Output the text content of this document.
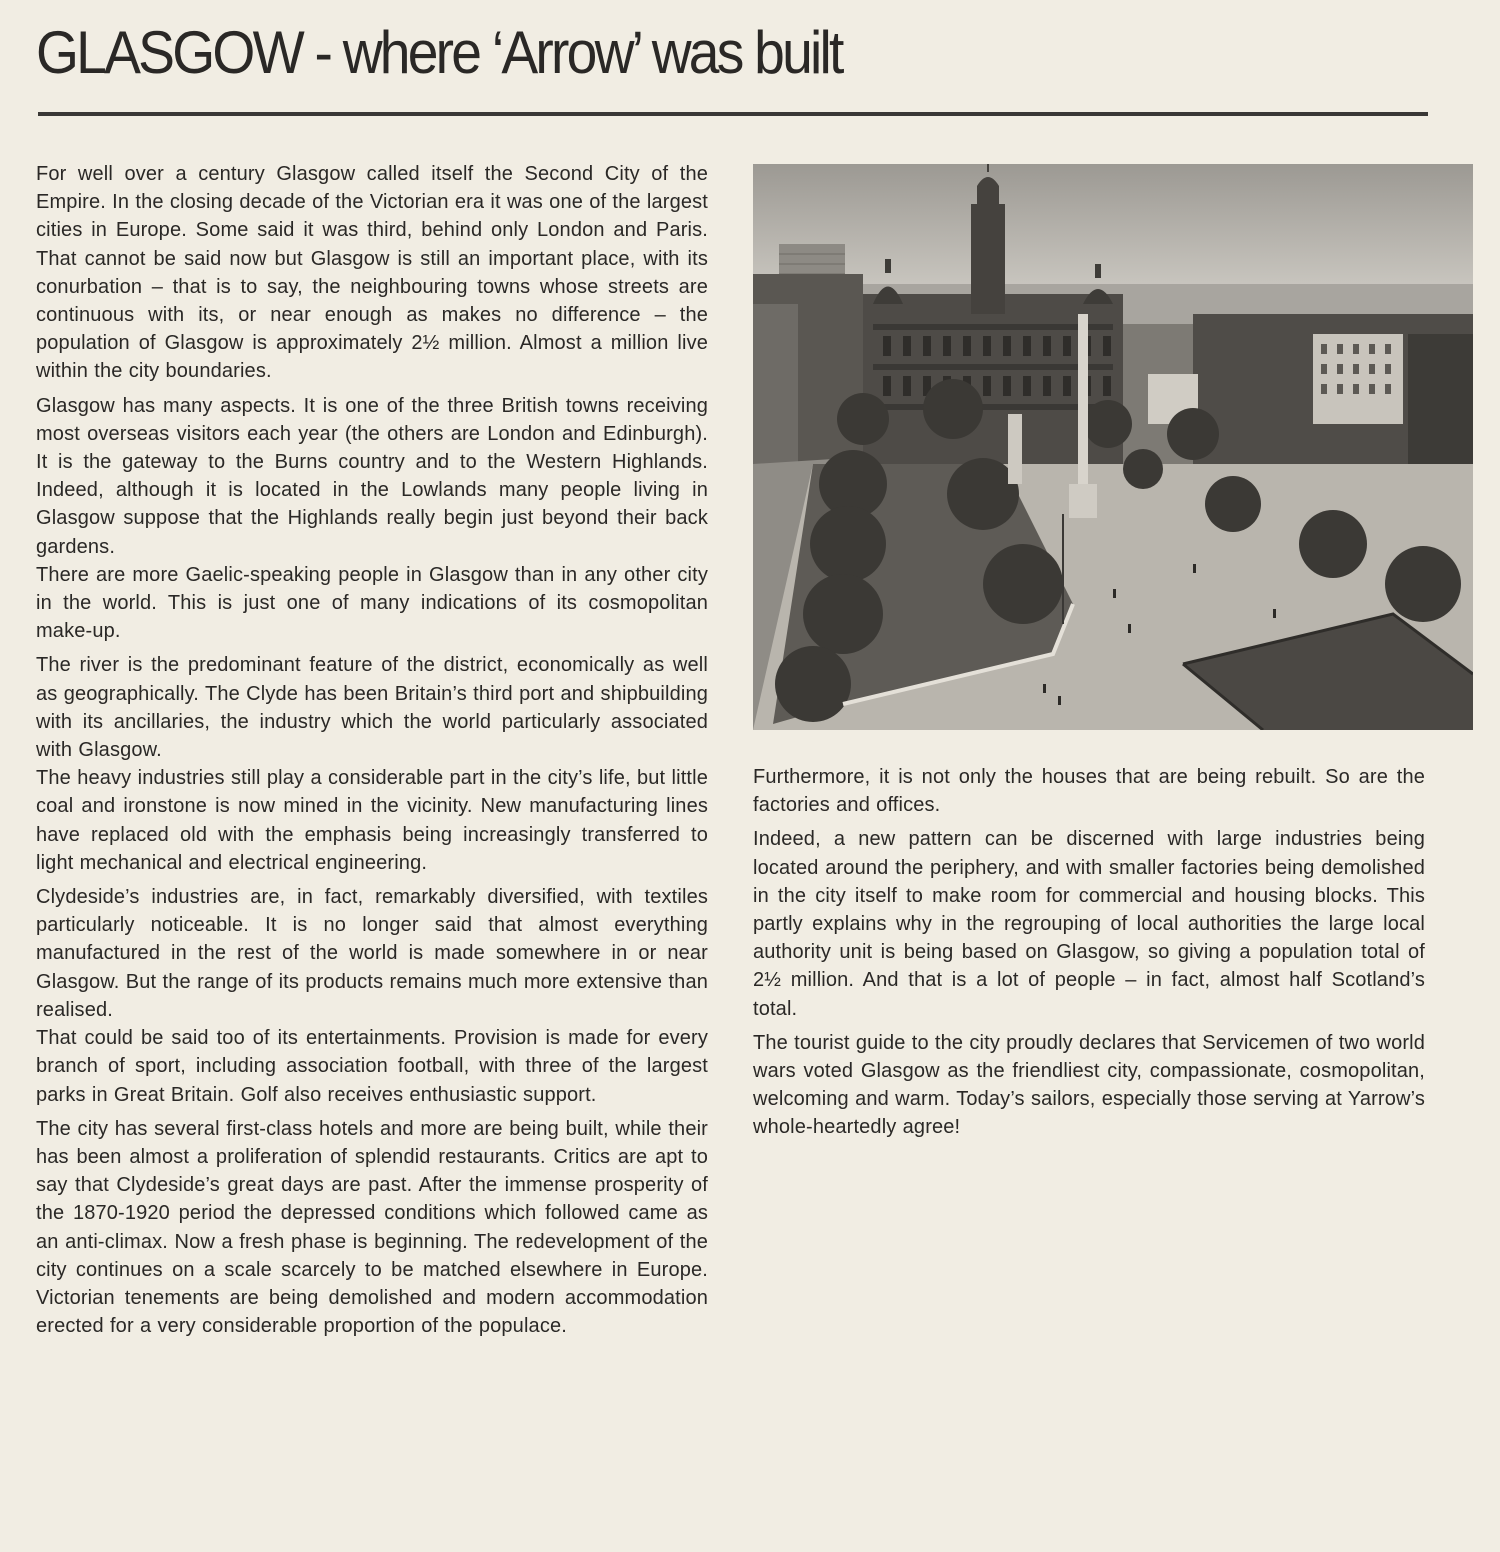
GLASGOW - where ‘Arrow’ was built

For well over a century Glasgow called itself the Second City of the Empire. In the closing decade of the Victorian era it was one of the largest cities in Europe. Some said it was third, behind only London and Paris. That cannot be said now but Glasgow is still an important place, with its conurbation – that is to say, the neighbouring towns whose streets are continuous with its, or near enough as makes no difference – the population of Glasgow is approximately 2½ million. Almost a million live within the city boundaries.

Glasgow has many aspects. It is one of the three British towns receiving most overseas visitors each year (the others are London and Edinburgh). It is the gateway to the Burns country and to the Western Highlands. Indeed, although it is located in the Lowlands many people living in Glasgow suppose that the Highlands really begin just beyond their back gardens.

There are more Gaelic-speaking people in Glasgow than in any other city in the world. This is just one of many indications of its cosmopolitan make-up.

The river is the predominant feature of the district, economically as well as geographically. The Clyde has been Britain’s third port and shipbuilding with its ancillaries, the industry which the world particularly associated with Glasgow.

The heavy industries still play a considerable part in the city’s life, but little coal and ironstone is now mined in the vicinity. New manufacturing lines have replaced old with the emphasis being increasingly transferred to light mechanical and electrical engineering.

Clydeside’s industries are, in fact, remarkably diversified, with textiles particularly noticeable. It is no longer said that almost everything manufactured in the rest of the world is made somewhere in or near Glasgow. But the range of its products remains much more extensive than realised.

That could be said too of its entertainments. Provision is made for every branch of sport, including association football, with three of the largest parks in Great Britain. Golf also receives enthusiastic support.

The city has several first-class hotels and more are being built, while their has been almost a proliferation of splendid restaurants. Critics are apt to say that Clydeside’s great days are past. After the immense prosperity of the 1870-1920 period the depressed conditions which followed came as an anti-climax. Now a fresh phase is beginning. The redevelopment of the city continues on a scale scarcely to be matched elsewhere in Europe. Victorian tenements are being demolished and modern accommodation erected for a very considerable proportion of the populace.

Furthermore, it is not only the houses that are being rebuilt. So are the factories and offices.

Indeed, a new pattern can be discerned with large industries being located around the periphery, and with smaller factories being demolished in the city itself to make room for commercial and housing blocks. This partly explains why in the regrouping of local authorities the large local authority unit is being based on Glasgow, so giving a population total of 2½ million. And that is a lot of people – in fact, almost half Scotland’s total.

The tourist guide to the city proudly declares that Servicemen of two world wars voted Glasgow as the friendliest city, compassionate, cosmopolitan, welcoming and warm. Today’s sailors, especially those serving at Yarrow’s whole-heartedly agree!
